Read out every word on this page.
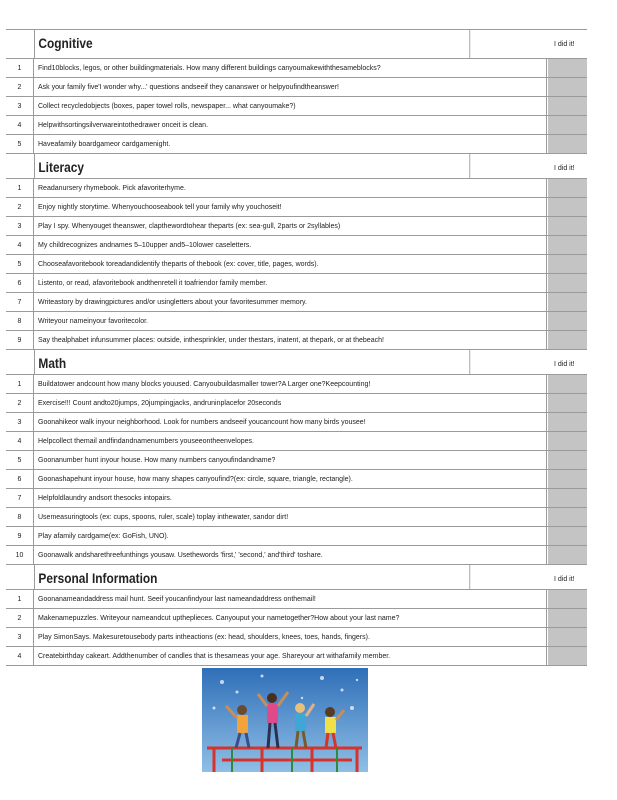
Cognitive	I did it!
1	Find10blocks, legos, or other buildingmaterials. How many different buildings canyoumakewiththesameblocks?
2	Ask your family five'I wonder why...' questions andseeif they cananswer or helpyoufindtheanswer!
3	Collect recycledobjects (boxes, paper towel rolls, newspaper... what canyoumake?)
4	Helpwithsortingsilverwareintothedrawer onceit is clean.
5	Haveafamily boardgameor cardgamenight.
Literacy	I did it!
1	Readanursery rhymebook. Pick afavoriterhyme.
2	Enjoy nightly storytime. Whenyouchooseabook tell your family why youchoseit!
3	Play I spy. Whenyouget theanswer, clapthewordtohear theparts (ex: sea-gull, 2parts or 2syllables)
4	My childrecognizes andnames 5–10upper and5–10lower caseletters.
5	Chooseafavoritebook toreadandidentify theparts of thebook (ex: cover, title, pages, words).
6	Listento, or read, afavoritebook andthenretell it toafriendor family member.
7	Writeastory by drawingpictures and/or usingletters about your favoritesummer memory.
8	Writeyour nameinyour favoritecolor.
9	Say thealphabet infunsummer places: outside, inthesprinkler, under thestars, inatent, at thepark, or at thebeach!
Math	I did it!
1	Buildatower andcount how many blocks youused. Canyoubuildasmaller tower?A Larger one?Keepcounting!
2	Exercise!!! Count andto20jumps, 20jumpingjacks, andruninplacefor 20seconds
3	Goonahikeor walk inyour neighborhood. Look for numbers andseeif youcancount how many birds yousee!
4	Helpcollect themail andfindandnamenumbers youseeontheenvelopes.
5	Goonanumber hunt inyour house. How many numbers canyoufindandname?
6	Goonashapehunt inyour house, how many shapes canyoufind?(ex: circle, square, triangle, rectangle).
7	Helpfoldlaundry andsort thesocks intopairs.
8	Usemeasuringtools (ex: cups, spoons, ruler, scale) toplay inthewater, sandor dirt!
9	Play afamily cardgame(ex: GoFish, UNO).
10	Goonawalk andsharethreefunthings yousaw. Usethewords 'first,' 'second,' and'third' toshare.
Personal Information	I did it!
1	Goonanameandaddress mail hunt. Seeif youcanfindyour last nameandaddress onthemail!
2	Makenamepuzzles. Writeyour nameandcut uptheplieces. Canyouput your nametogether?How about your last name?
3	Play SimonSays. Makesuretousebody parts intheactions (ex: head, shoulders, knees, toes, hands, fingers).
4	Createbirthday cakeart. Addthenumber of candles that is thesameas your age. Shareyour art withafamily member.
